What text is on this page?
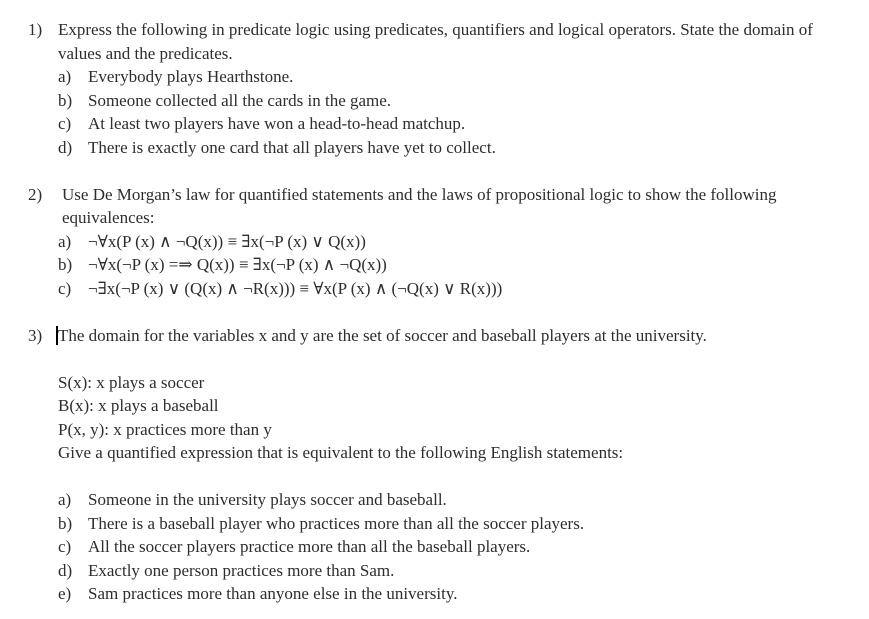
1) Express the following in predicate logic using predicates, quantifiers and logical operators. State the domain of values and the predicates.
a) Everybody plays Hearthstone.
b) Someone collected all the cards in the game.
c) At least two players have won a head-to-head matchup.
d) There is exactly one card that all players have yet to collect.
2)	Use De Morgan’s law for quantified statements and the laws of propositional logic to show the following equivalences:
a) ¬∀x(P (x) ∧ ¬Q(x)) ≡ ∃x(¬P (x) ∨ Q(x))
b) ¬∀x(¬P (x) =⇒ Q(x)) ≡ ∃x(¬P (x) ∧ ¬Q(x))
c) ¬∃x(¬P (x) ∨ (Q(x) ∧ ¬R(x))) ≡ ∀x(P (x) ∧ (¬Q(x) ∨ R(x)))
3) The domain for the variables x and y are the set of soccer and baseball players at the university.
S(x): x plays a soccer
B(x): x plays a baseball
P(x, y): x practices more than y
Give a quantified expression that is equivalent to the following English statements:
a) Someone in the university plays soccer and baseball.
b) There is a baseball player who practices more than all the soccer players.
c) All the soccer players practice more than all the baseball players.
d) Exactly one person practices more than Sam.
e) Sam practices more than anyone else in the university.
